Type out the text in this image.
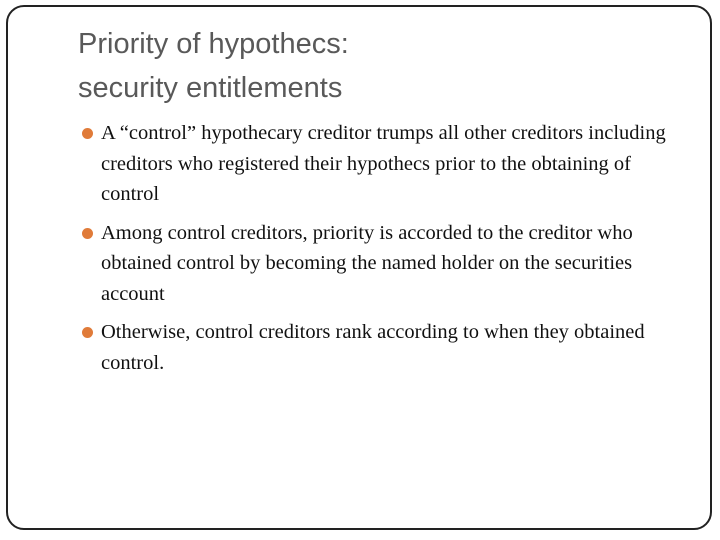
Priority of hypothecs:
security entitlements
A “control” hypothecary creditor trumps all other creditors including creditors who registered their hypothecs prior to the obtaining of control
Among control creditors, priority is accorded to the creditor who obtained control by becoming the named holder on the securities account
Otherwise, control creditors rank according to when they obtained control.
